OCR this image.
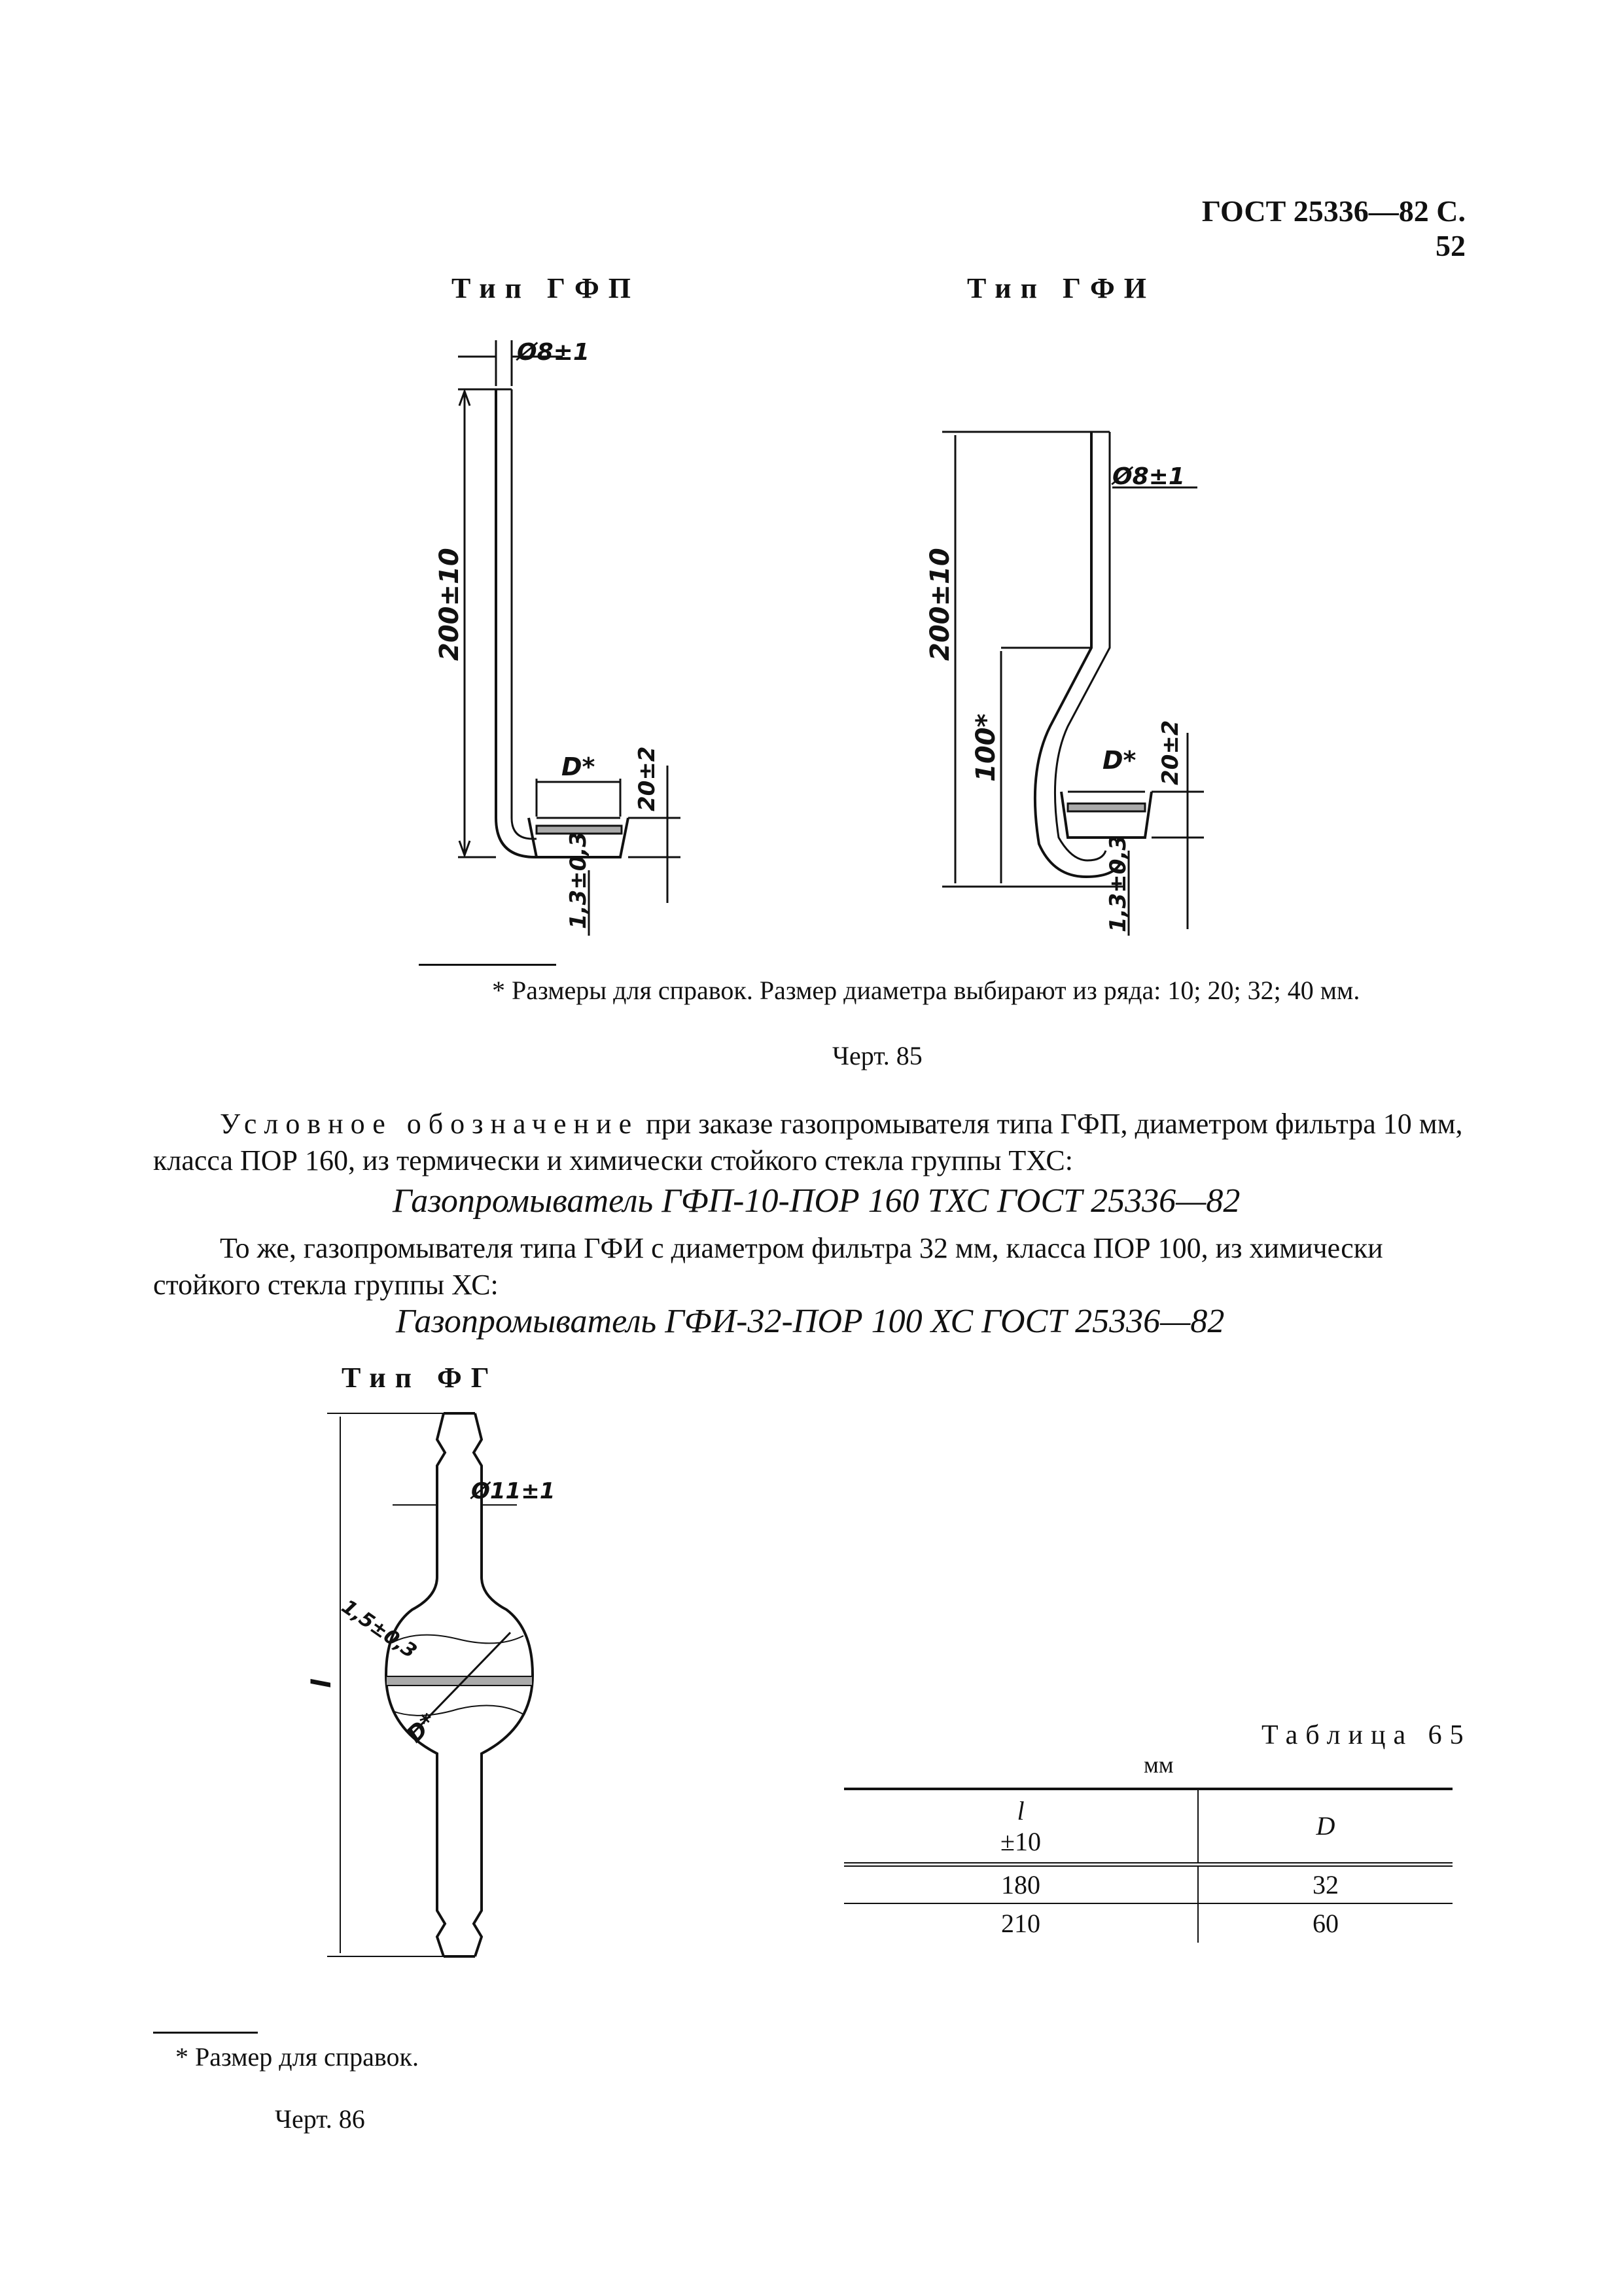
ГОСТ 25336—82 С. 52
Тип ГФП	Тип ГФИ
Ø8±1
200±10
D* 20±2
1,3±0,3
Ø8±1
200±10
100*	D* 20±2
1,3±0,3
* Размеры для справок. Размер диаметра выбирают из ряда: 10; 20; 32; 40 мм.
Черт. 85
Условное обозначение при заказе газопромывателя типа ГФП, диаметром фильтра 10 мм, класса ПОР 160, из термически и химически стойкого стекла группы ТХС:
Газопромыватель ГФП-10-ПОР 160 ТХС ГОСТ 25336—82
То же, газопромывателя типа ГФИ с диаметром фильтра 32 мм, класса ПОР 100, из химически стойкого стекла группы ХС:
Газопромыватель ГФИ-32-ПОР 100 ХС ГОСТ 25336—82
Тип ФГ
Ø11±1
1,5±0,3
D*
l
* Размер для справок.
Черт. 86
Таблица 65
мм
l
±10	D
180	32
210	60
